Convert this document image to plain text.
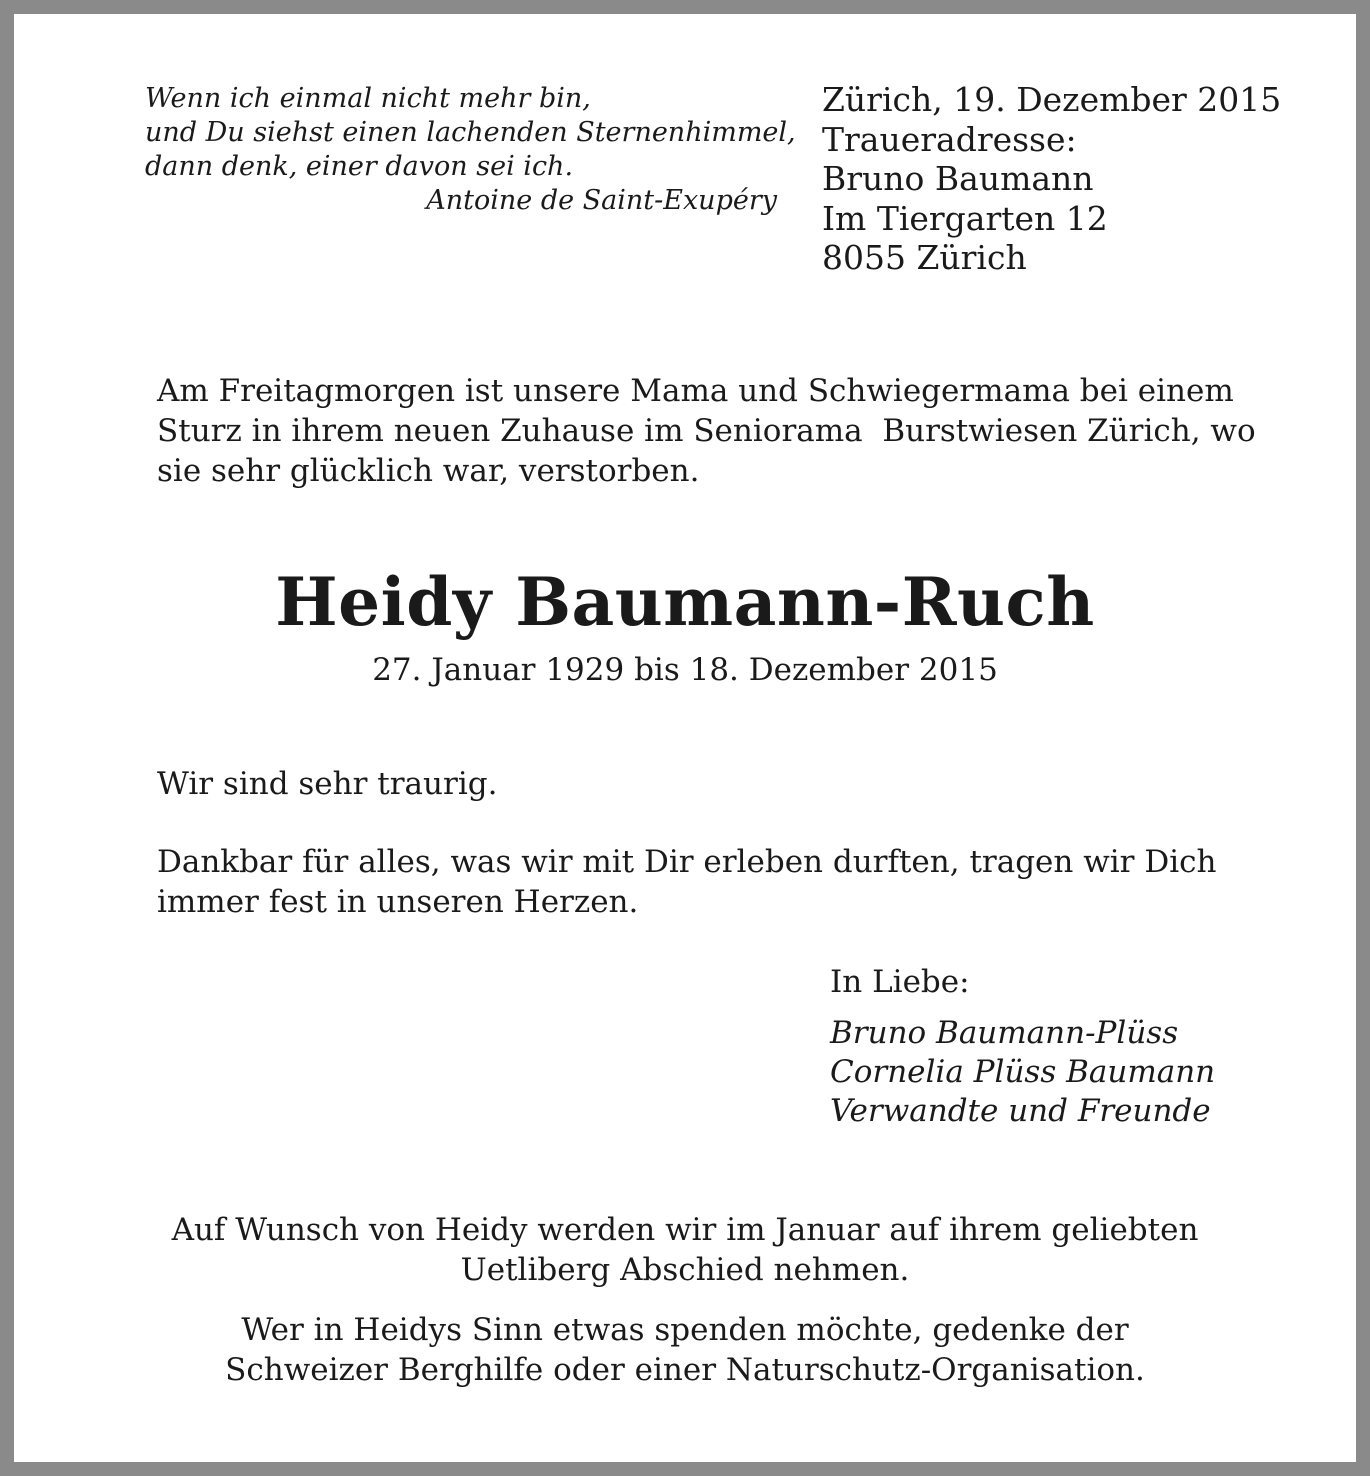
Wenn ich einmal nicht mehr bin,
und Du siehst einen lachenden Sternenhimmel,
dann denk, einer davon sei ich.
Antoine de Saint-Exupéry
Zürich, 19. Dezember 2015
Traueradresse:
Bruno Baumann
Im Tiergarten 12
8055 Zürich
Am Freitagmorgen ist unsere Mama und Schwiegermama bei einem
Sturz in ihrem neuen Zuhause im Seniorama  Burstwiesen Zürich, wo
sie sehr glücklich war, verstorben.
Heidy Baumann-Ruch
27. Januar 1929 bis 18. Dezember 2015
Wir sind sehr traurig.
Dankbar für alles, was wir mit Dir erleben durften, tragen wir Dich
immer fest in unseren Herzen.
In Liebe:
Bruno Baumann-Plüss
Cornelia Plüss Baumann
Verwandte und Freunde
Auf Wunsch von Heidy werden wir im Januar auf ihrem geliebten
Uetliberg Abschied nehmen.
Wer in Heidys Sinn etwas spenden möchte, gedenke der
Schweizer Berghilfe oder einer Naturschutz-Organisation.
